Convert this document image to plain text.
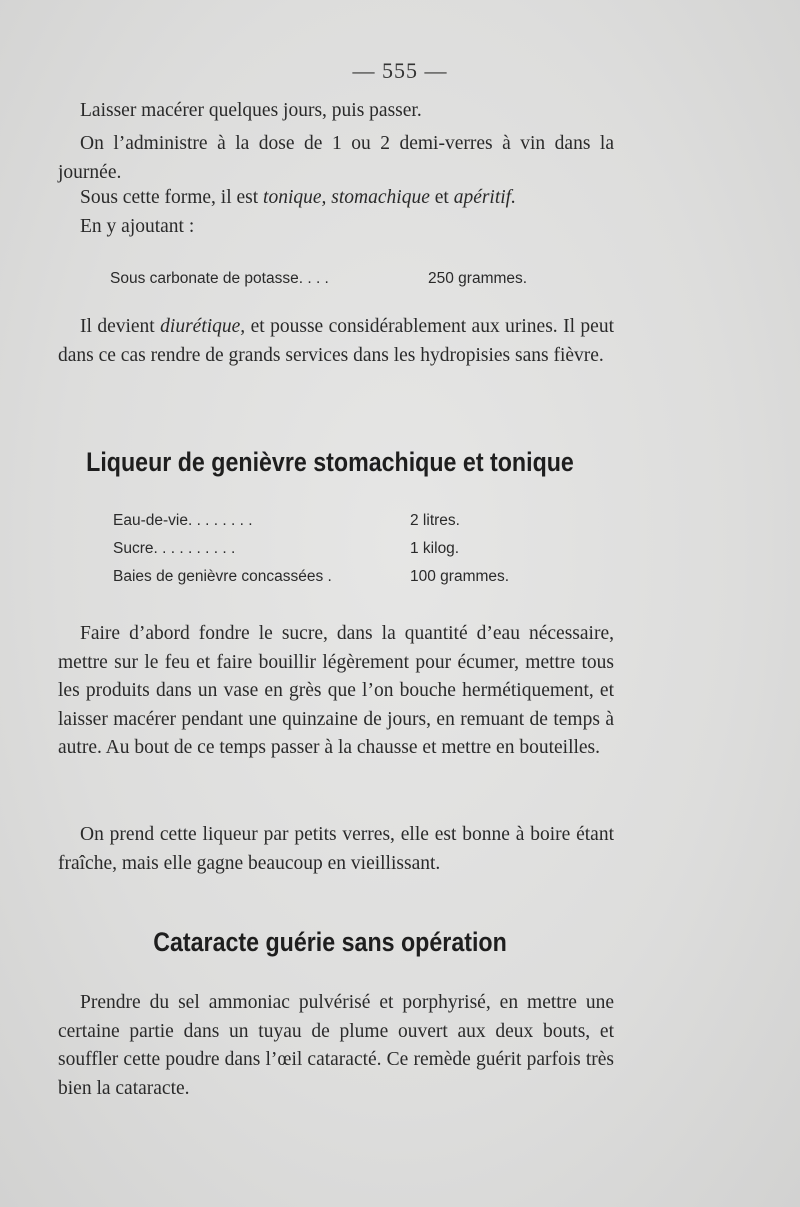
— 555 —
Laisser macérer quelques jours, puis passer.
On l’administre à la dose de 1 ou 2 demi-verres à vin dans la journée.
Sous cette forme, il est tonique, stomachique et apéritif.
En y ajoutant :
Sous carbonate de potasse. . . .	250 grammes.
Il devient diurétique, et pousse considérablement aux urines. Il peut dans ce cas rendre de grands services dans les hydropisies sans fièvre.
Liqueur de genièvre stomachique et tonique
Eau-de-vie. . . . . . . .	2 litres.
Sucre. . . . . . . . . .	1 kilog.
Baies de genièvre concassées .	100 grammes.
Faire d’abord fondre le sucre, dans la quantité d’eau nécessaire, mettre sur le feu et faire bouillir légèrement pour écumer, mettre tous les produits dans un vase en grès que l’on bouche hermétiquement, et laisser macérer pendant une quinzaine de jours, en remuant de temps à autre. Au bout de ce temps passer à la chausse et mettre en bouteilles.
On prend cette liqueur par petits verres, elle est bonne à boire étant fraîche, mais elle gagne beaucoup en vieillissant.
Cataracte guérie sans opération
Prendre du sel ammoniac pulvérisé et porphyrisé, en mettre une certaine partie dans un tuyau de plume ouvert aux deux bouts, et souffler cette poudre dans l’œil cataracté. Ce remède guérit parfois très bien la cataracte.
